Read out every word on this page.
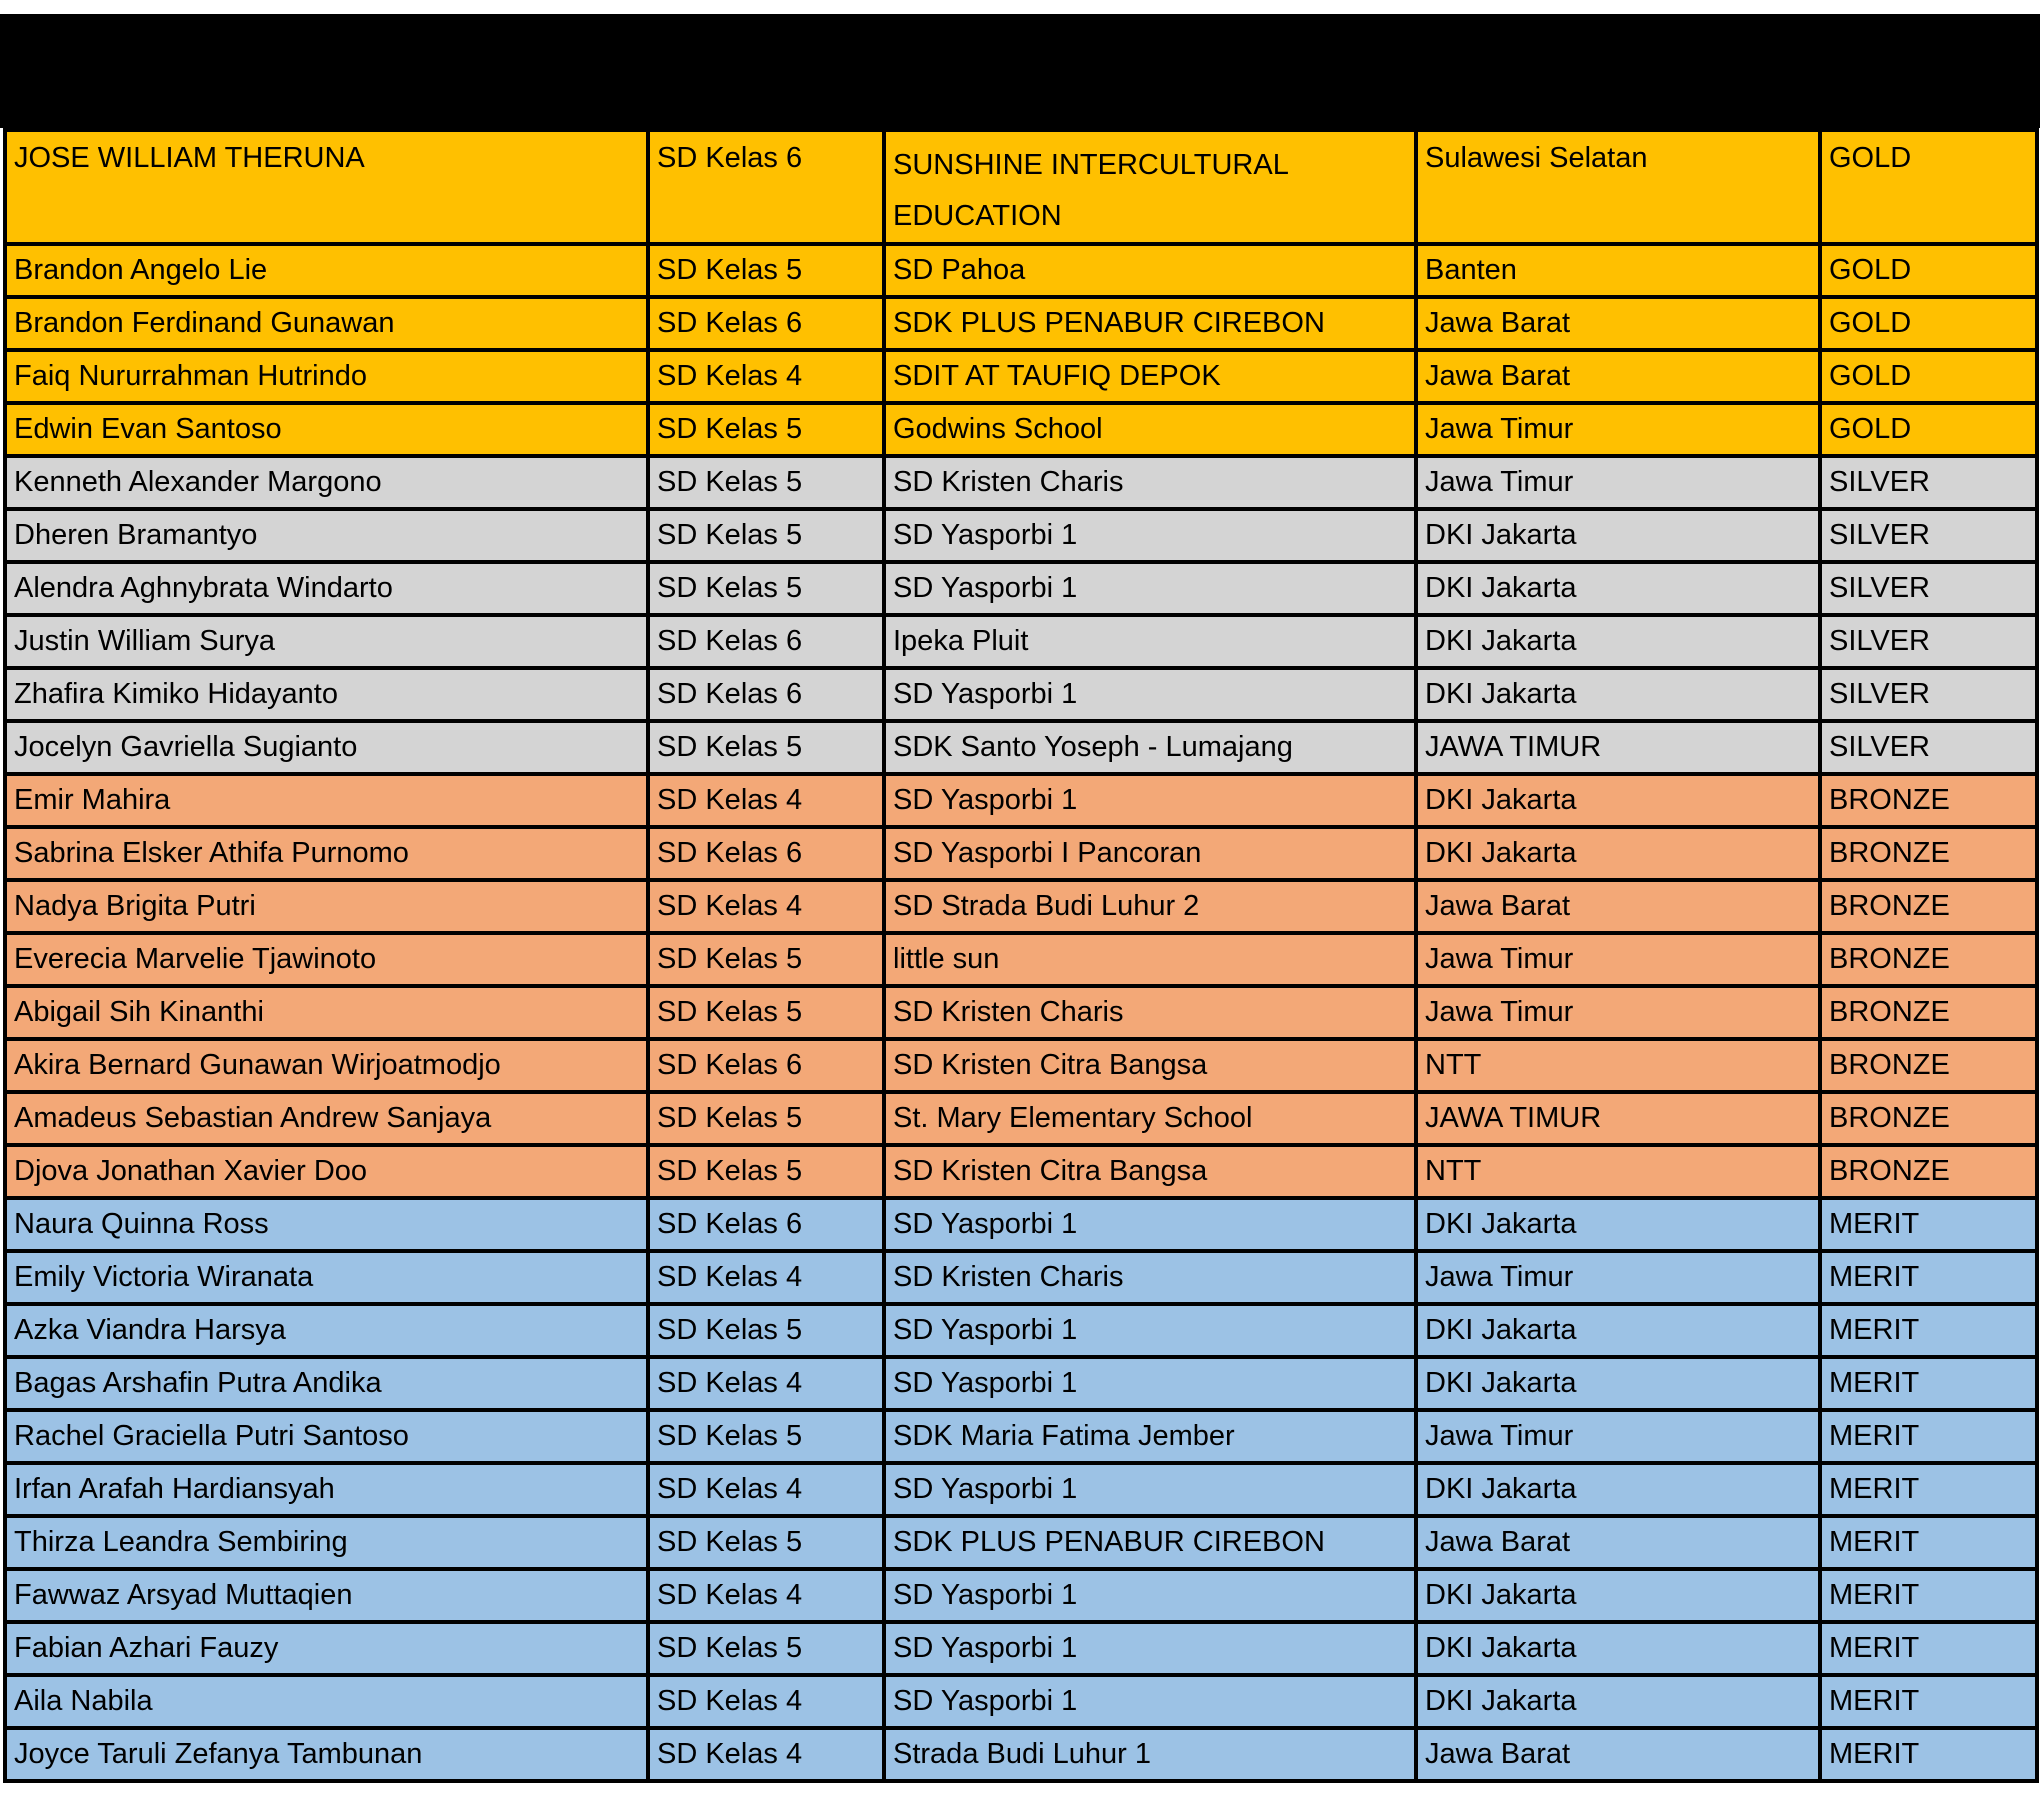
JOSE WILLIAM THERUNA	SD Kelas 6	SUNSHINE INTERCULTURAL EDUCATION	Sulawesi Selatan	GOLD
Brandon Angelo Lie	SD Kelas 5	SD Pahoa	Banten	GOLD
Brandon Ferdinand Gunawan	SD Kelas 6	SDK PLUS PENABUR CIREBON	Jawa Barat	GOLD
Faiq Nururrahman Hutrindo	SD Kelas 4	SDIT AT TAUFIQ DEPOK	Jawa Barat	GOLD
Edwin Evan Santoso	SD Kelas 5	Godwins School	Jawa Timur	GOLD
Kenneth Alexander Margono	SD Kelas 5	SD Kristen Charis	Jawa Timur	SILVER
Dheren Bramantyo	SD Kelas 5	SD Yasporbi 1	DKI Jakarta	SILVER
Alendra Aghnybrata Windarto	SD Kelas 5	SD Yasporbi 1	DKI Jakarta	SILVER
Justin William Surya	SD Kelas 6	Ipeka Pluit	DKI Jakarta	SILVER
Zhafira Kimiko Hidayanto	SD Kelas 6	SD Yasporbi 1	DKI Jakarta	SILVER
Jocelyn Gavriella Sugianto	SD Kelas 5	SDK Santo Yoseph - Lumajang	JAWA TIMUR	SILVER
Emir Mahira	SD Kelas 4	SD Yasporbi 1	DKI Jakarta	BRONZE
Sabrina Elsker Athifa Purnomo	SD Kelas 6	SD Yasporbi I Pancoran	DKI Jakarta	BRONZE
Nadya Brigita Putri	SD Kelas 4	SD Strada Budi Luhur 2	Jawa Barat	BRONZE
Everecia Marvelie Tjawinoto	SD Kelas 5	little sun	Jawa Timur	BRONZE
Abigail Sih Kinanthi	SD Kelas 5	SD Kristen Charis	Jawa Timur	BRONZE
Akira Bernard Gunawan Wirjoatmodjo	SD Kelas 6	SD Kristen Citra Bangsa	NTT	BRONZE
Amadeus Sebastian Andrew Sanjaya	SD Kelas 5	St. Mary Elementary School	JAWA TIMUR	BRONZE
Djova Jonathan Xavier Doo	SD Kelas 5	SD Kristen Citra Bangsa	NTT	BRONZE
Naura Quinna Ross	SD Kelas 6	SD Yasporbi 1	DKI Jakarta	MERIT
Emily Victoria Wiranata	SD Kelas 4	SD Kristen Charis	Jawa Timur	MERIT
Azka Viandra Harsya	SD Kelas 5	SD Yasporbi 1	DKI Jakarta	MERIT
Bagas Arshafin Putra Andika	SD Kelas 4	SD Yasporbi 1	DKI Jakarta	MERIT
Rachel Graciella Putri Santoso	SD Kelas 5	SDK Maria Fatima Jember	Jawa Timur	MERIT
Irfan Arafah Hardiansyah	SD Kelas 4	SD Yasporbi 1	DKI Jakarta	MERIT
Thirza Leandra Sembiring	SD Kelas 5	SDK PLUS PENABUR CIREBON	Jawa Barat	MERIT
Fawwaz Arsyad Muttaqien	SD Kelas 4	SD Yasporbi 1	DKI Jakarta	MERIT
Fabian Azhari Fauzy	SD Kelas 5	SD Yasporbi 1	DKI Jakarta	MERIT
Aila Nabila	SD Kelas 4	SD Yasporbi 1	DKI Jakarta	MERIT
Joyce Taruli Zefanya Tambunan	SD Kelas 4	Strada Budi Luhur 1	Jawa Barat	MERIT
